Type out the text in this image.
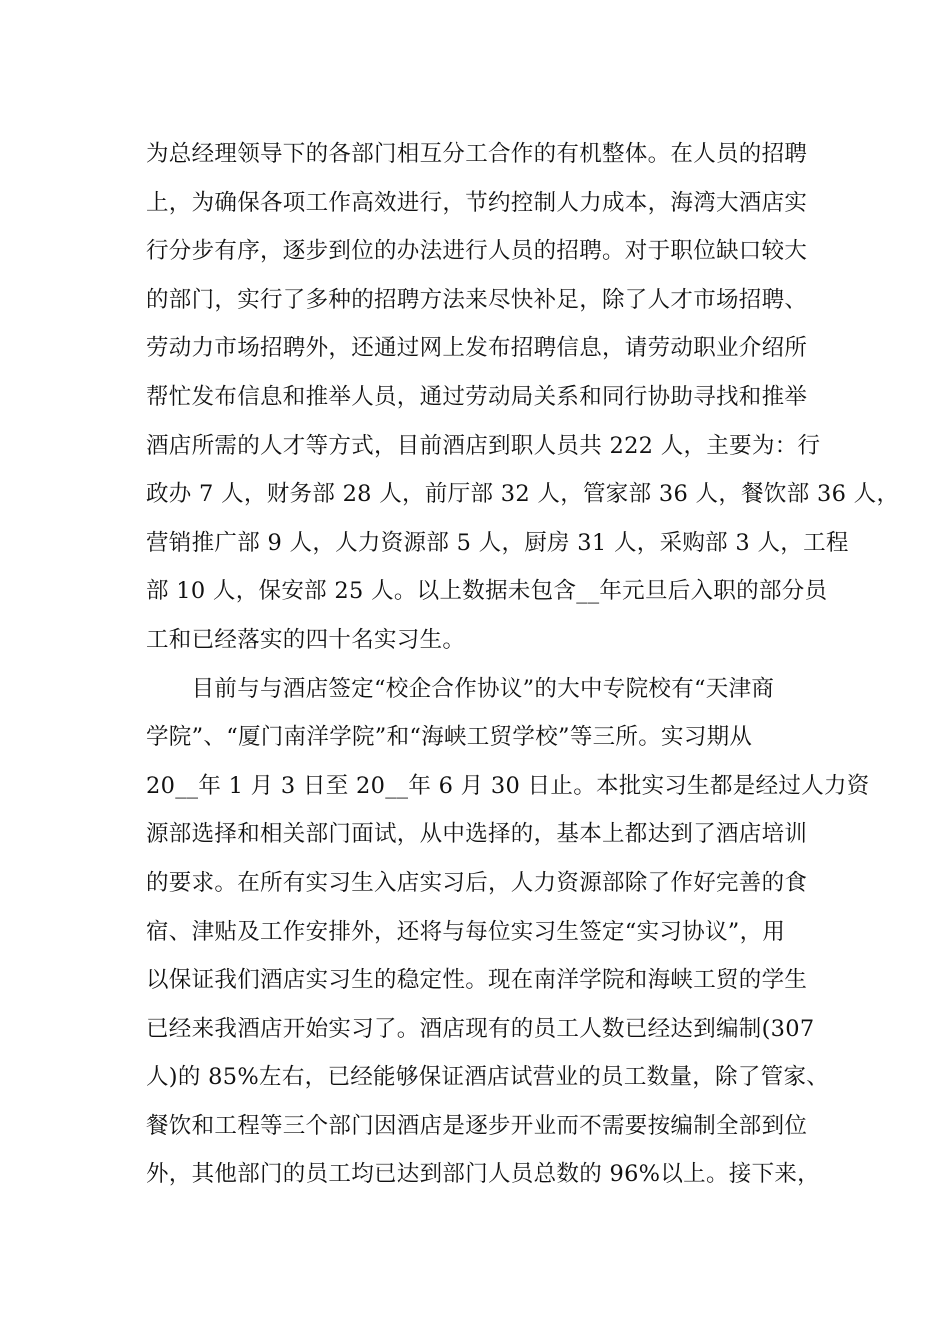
为总经理领导下的各部门相互分工合作的有机整体。在人员的招聘

上，为确保各项工作高效进行，节约控制人力成本，海湾大酒店实

行分步有序，逐步到位的办法进行人员的招聘。对于职位缺口较大

的部门，实行了多种的招聘方法来尽快补足，除了人才市场招聘、

劳动力市场招聘外，还通过网上发布招聘信息，请劳动职业介绍所

帮忙发布信息和推举人员，通过劳动局关系和同行协助寻找和推举

酒店所需的人才等方式，目前酒店到职人员共 222 人，主要为：行

政办 7 人，财务部 28 人，前厅部 32 人，管家部 36 人，餐饮部 36 人，

营销推广部 9 人，人力资源部 5 人，厨房 31 人，采购部 3 人，工程

部 10 人，保安部 25 人。以上数据未包含__年元旦后入职的部分员

工和已经落实的四十名实习生。

　　目前与与酒店签定“校企合作协议”的大中专院校有“天津商

学院”、“厦门南洋学院”和“海峡工贸学校”等三所。实习期从

20__年 1 月 3 日至 20__年 6 月 30 日止。本批实习生都是经过人力资

源部选择和相关部门面试，从中选择的，基本上都达到了酒店培训

的要求。在所有实习生入店实习后，人力资源部除了作好完善的食

宿、津贴及工作安排外，还将与每位实习生签定“实习协议”，用

以保证我们酒店实习生的稳定性。现在南洋学院和海峡工贸的学生

已经来我酒店开始实习了。酒店现有的员工人数已经达到编制(307

人)的 85%左右，已经能够保证酒店试营业的员工数量，除了管家、

餐饮和工程等三个部门因酒店是逐步开业而不需要按编制全部到位

外，其他部门的员工均已达到部门人员总数的 96%以上。接下来，
